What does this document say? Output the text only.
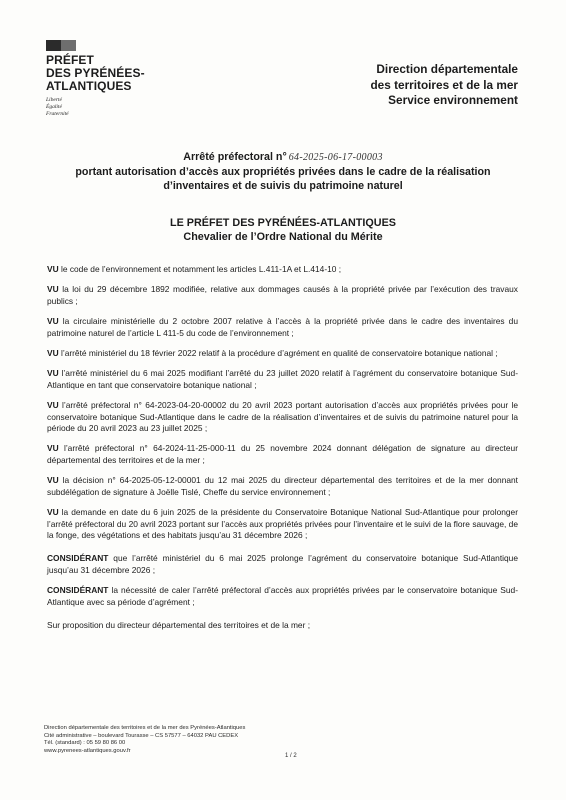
PRÉFET
DES PYRÉNÉES-
ATLANTIQUES
Liberté
Égalité
Fraternité
Direction départementale
des territoires et de la mer
Service environnement
Arrêté préfectoral n° 64-2025-06-17-00003
portant autorisation d’accès aux propriétés privées dans le cadre de la réalisation
d’inventaires et de suivis du patrimoine naturel
LE PRÉFET DES PYRÉNÉES-ATLANTIQUES
Chevalier de l’Ordre National du Mérite

VU le code de l’environnement et notamment les articles L.411-1A et L.414-10 ;

VU la loi du 29 décembre 1892 modifiée, relative aux dommages causés à la propriété privée par l’exécution des travaux publics ;

VU la circulaire ministérielle du 2 octobre 2007 relative à l’accès à la propriété privée dans le cadre des inventaires du patrimoine naturel de l’article L 411-5 du code de l’environnement ;

VU l’arrêté ministériel du 18 février 2022 relatif à la procédure d’agrément en qualité de conservatoire botanique national ;

VU l’arrêté ministériel du 6 mai 2025 modifiant l’arrêté du 23 juillet 2020 relatif à l’agrément du conservatoire botanique Sud-Atlantique en tant que conservatoire botanique national ;

VU l’arrêté préfectoral n° 64-2023-04-20-00002 du 20 avril 2023 portant autorisation d’accès aux propriétés privées pour le conservatoire botanique Sud-Atlantique dans le cadre de la réalisation d’inventaires et de suivis du patrimoine naturel pour la période du 20 avril 2023 au 23 juillet 2025 ;

VU l’arrêté préfectoral n° 64-2024-11-25-000-11 du 25 novembre 2024 donnant délégation de signature au directeur départemental des territoires et de la mer ;

VU la décision n° 64-2025-05-12-00001 du 12 mai 2025 du directeur départemental des territoires et de la mer donnant subdélégation de signature à Joëlle Tislé, Cheffe du service environnement ;

VU la demande en date du 6 juin 2025 de la présidente du Conservatoire Botanique National Sud-Atlantique pour prolonger l’arrêté préfectoral du 20 avril 2023 portant sur l’accès aux propriétés privées pour l’inventaire et le suivi de la flore sauvage, de la fonge, des végétations et des habitats jusqu’au 31 décembre 2026 ;

CONSIDÉRANT que l’arrêté ministériel du 6 mai 2025 prolonge l’agrément du conservatoire botanique Sud-Atlantique jusqu’au 31 décembre 2026 ;

CONSIDÉRANT la nécessité de caler l’arrêté préfectoral d’accès aux propriétés privées par le conservatoire botanique Sud-Atlantique avec sa période d’agrément ;

Sur proposition du directeur départemental des territoires et de la mer ;

Direction départementale des territoires et de la mer des Pyrénées-Atlantiques
Cité administrative – boulevard Tourasse – CS 57577 – 64032 PAU CEDEX
Tél. (standard) : 05 59 80 86 00
www.pyrenees-atlantiques.gouv.fr
1 / 2
